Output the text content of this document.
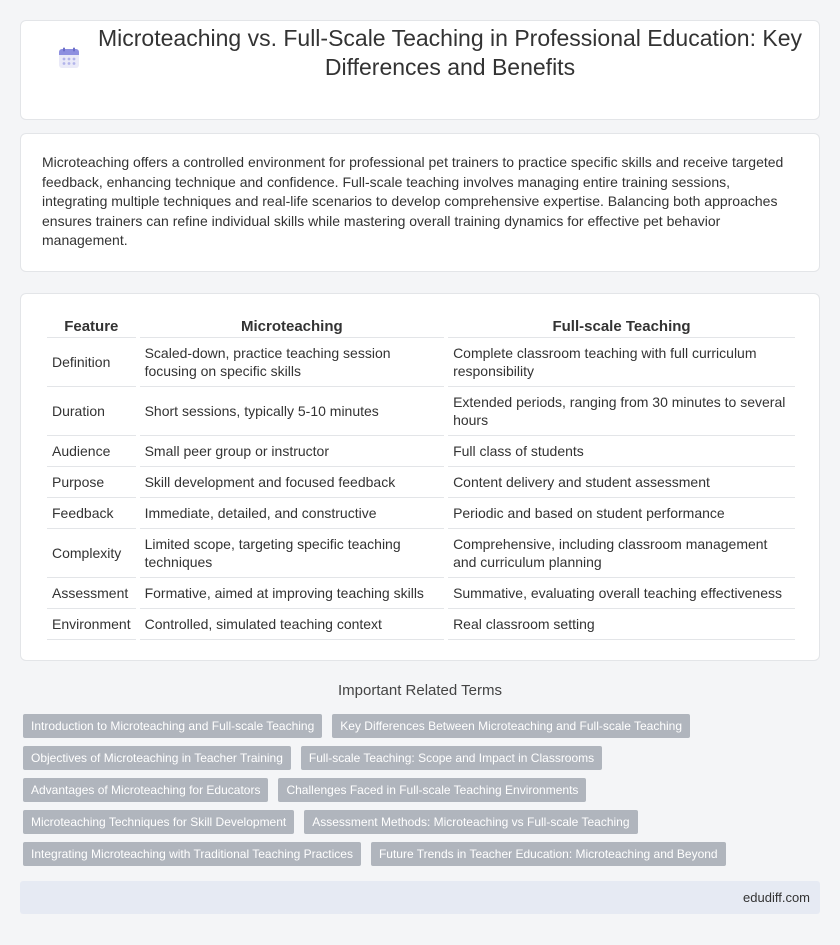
Microteaching vs. Full-Scale Teaching in Professional Education: Key Differences and Benefits

Microteaching offers a controlled environment for professional pet trainers to practice specific skills and receive targeted feedback, enhancing technique and confidence. Full-scale teaching involves managing entire training sessions, integrating multiple techniques and real-life scenarios to develop comprehensive expertise. Balancing both approaches ensures trainers can refine individual skills while mastering overall training dynamics for effective pet behavior management.

Feature	Microteaching	Full-scale Teaching
Definition	Scaled-down, practice teaching session focusing on specific skills	Complete classroom teaching with full curriculum responsibility
Duration	Short sessions, typically 5-10 minutes	Extended periods, ranging from 30 minutes to several hours
Audience	Small peer group or instructor	Full class of students
Purpose	Skill development and focused feedback	Content delivery and student assessment
Feedback	Immediate, detailed, and constructive	Periodic and based on student performance
Complexity	Limited scope, targeting specific teaching techniques	Comprehensive, including classroom management and curriculum planning
Assessment	Formative, aimed at improving teaching skills	Summative, evaluating overall teaching effectiveness
Environment	Controlled, simulated teaching context	Real classroom setting
Important Related Terms
Introduction to Microteaching and Full-scale Teaching	Key Differences Between Microteaching and Full-scale Teaching
Objectives of Microteaching in Teacher Training	Full-scale Teaching: Scope and Impact in Classrooms
Advantages of Microteaching for Educators	Challenges Faced in Full-scale Teaching Environments
Microteaching Techniques for Skill Development	Assessment Methods: Microteaching vs Full-scale Teaching
Integrating Microteaching with Traditional Teaching Practices	Future Trends in Teacher Education: Microteaching and Beyond
edudiff.com
